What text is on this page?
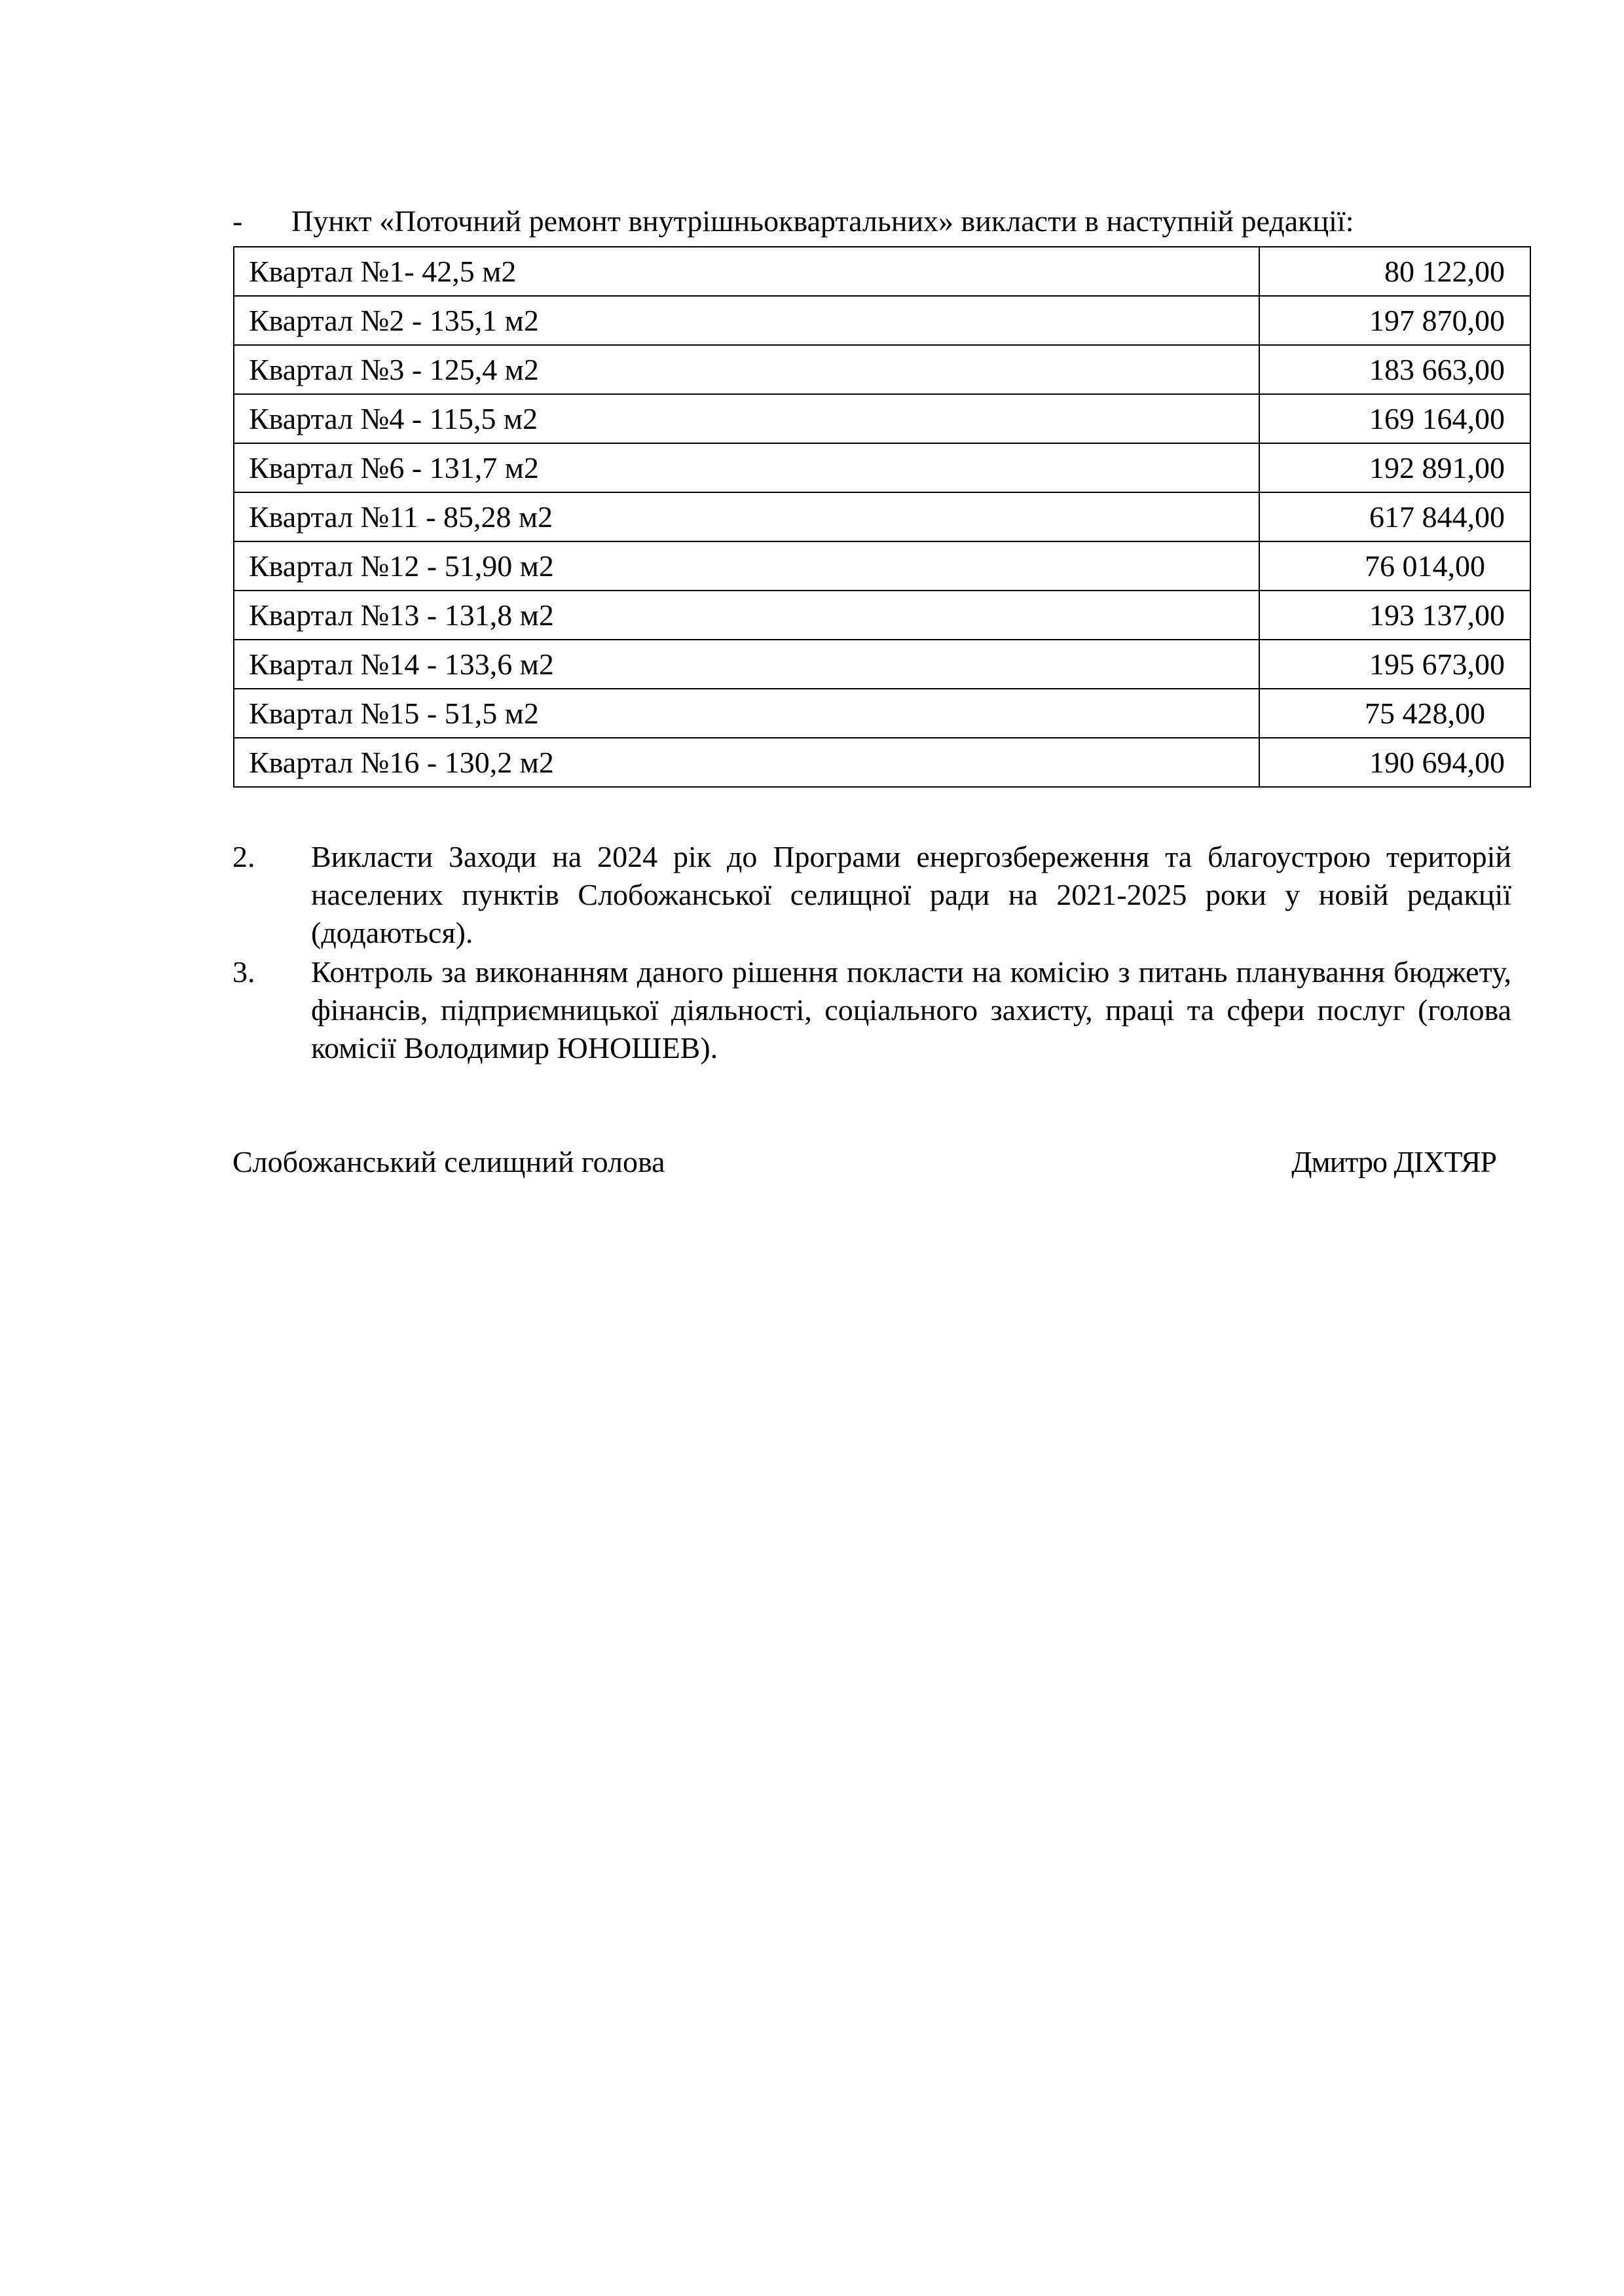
- Пункт «Поточний ремонт внутрішньоквартальних» викласти в наступній редакції:
Квартал №1- 42,5 м2	80 122,00
Квартал №2 - 135,1 м2	197 870,00
Квартал №3 - 125,4 м2	183 663,00
Квартал №4 - 115,5 м2	169 164,00
Квартал №6 - 131,7 м2	192 891,00
Квартал №11 - 85,28 м2	617 844,00
Квартал №12 - 51,90 м2	76 014,00
Квартал №13 - 131,8 м2	193 137,00
Квартал №14 - 133,6 м2	195 673,00
Квартал №15 - 51,5 м2	75 428,00
Квартал №16 - 130,2 м2	190 694,00
2.	Викласти Заходи на 2024 рік до Програми енергозбереження та благоустрою територій населених пунктів Слобожанської селищної ради на 2021-2025 роки у новій редакції (додаються).
3.	Контроль за виконанням даного рішення покласти на комісію з питань планування бюджету, фінансів, підприємницької діяльності, соціального захисту, праці та сфери послуг (голова комісії Володимир ЮНОШЕВ).
Слобожанський селищний голова	Дмитро ДІХТЯР
